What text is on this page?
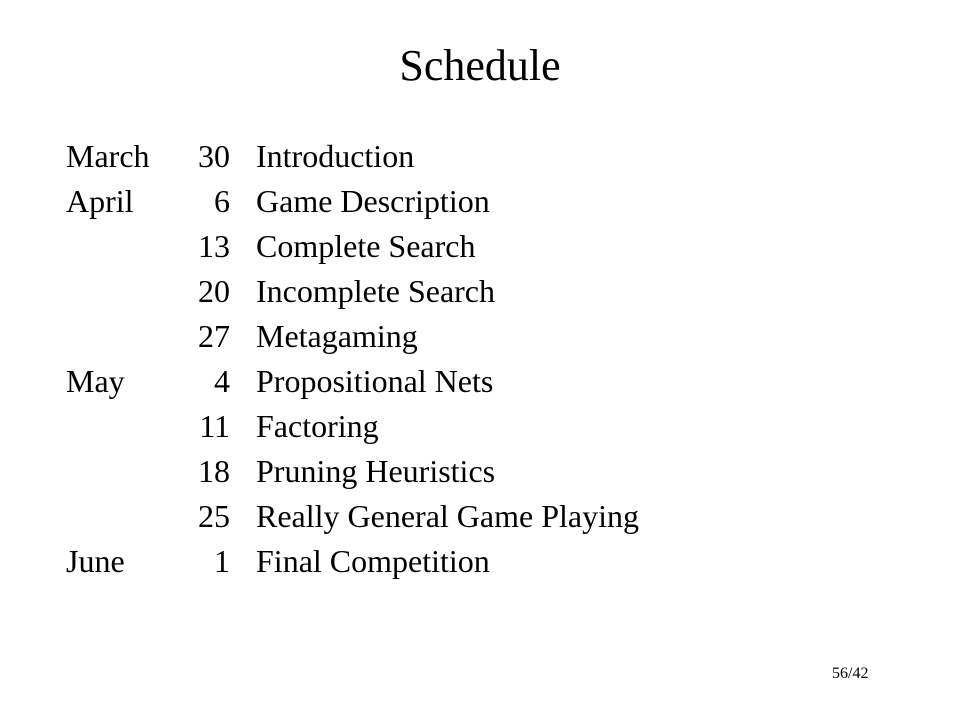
Schedule
March	30	Introduction
April	6	Game Description
	13	Complete Search
	20	Incomplete Search
	27	Metagaming
May	4	Propositional Nets
	11	Factoring
	18	Pruning Heuristics
	25	Really General Game Playing
June	1	Final Competition
56/42
